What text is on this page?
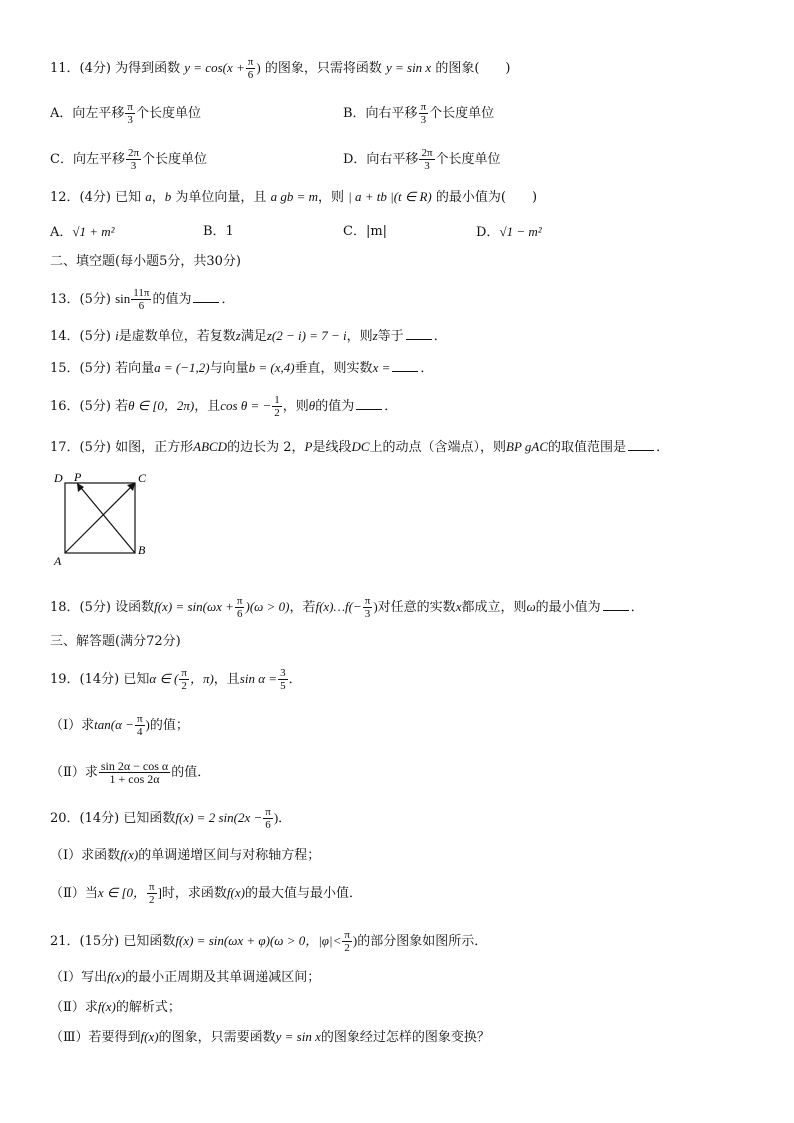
11．(4分) 为得到函数 $y = \cos(x + \frac{\pi}{6}$ ) 的图象，只需将函数 y = sin x 的图象(　　)
A．向左平移 $\frac{\pi}{3}$ 个长度单位	B．向右平移 $\frac{\pi}{3}$ 个长度单位
C．向左平移 $\frac{2\pi}{3}$ 个长度单位	D．向右平移 $\frac{2\pi}{3}$ 个长度单位
12．(4分) 已知 a，b 为单位向量，且 a gb = m，则 | a + tb |(t ∈ R) 的最小值为(　　)
A．√1 + m²	B．1	C．|m|	D．√1 − m²
二、填空题(每小题5分，共30分)
13．(5分) $\sin \frac{11\pi}{6}$ 的值为 ．
14．(5分) i是虚数单位，若复数z满足z(2 − i) = 7 − i，则z等于 ．
15．(5分) 若向量a = (−1,2)与向量b = (x,4)垂直，则实数x = ．
16．(5分) 若θ ∈ [0，2π)，且cos θ = − $\frac{1}{2}$ ，则θ的值为 ．
17．(5分) 如图，正方形ABCD的边长为 2，P是线段DC上的动点（含端点），则BP gAC的取值范围是 ．
D P	C
A
B
18．(5分) 设函数$f(x) = \sin(\omega x + \frac{\pi}{6} )(\omega > 0)$，若f(x)…f(− $\frac{\pi}{3}$ )对任意的实数x都成立，则ω的最小值为 ．
三、解答题(满分72分)
19．(14分) 已知α ∈ ( $\frac{\pi}{2}$ ，π)，且$\sin \alpha = \frac{3}{5}$ ．
（Ⅰ）求$\tan(\alpha - \frac{\pi}{4}$ )的值；
（Ⅱ）求 $\frac{\text{sin 2α − cos α}}{1 + \cos 2\alpha}$ 的值．
20．(14分) 已知函数f(x) = 2 $\sin(2x - \frac{\pi}{6}$ )．
（Ⅰ）求函数f(x)的单调递增区间与对称轴方程；
（Ⅱ）当x ∈ [0， $\frac{\pi}{2}$ ]时，求函数f(x)的最大值与最小值．
21．(15分) 已知函数f(x) = sin(ωx + φ)(ω > 0，$|\varphi|< \frac{\pi}{2}$ )的部分图象如图所示．
（Ⅰ）写出f(x)的最小正周期及其单调递减区间；
（Ⅱ）求f(x)的解析式；
（Ⅲ）若要得到f(x)的图象，只需要函数y = sin x的图象经过怎样的图象变换？
